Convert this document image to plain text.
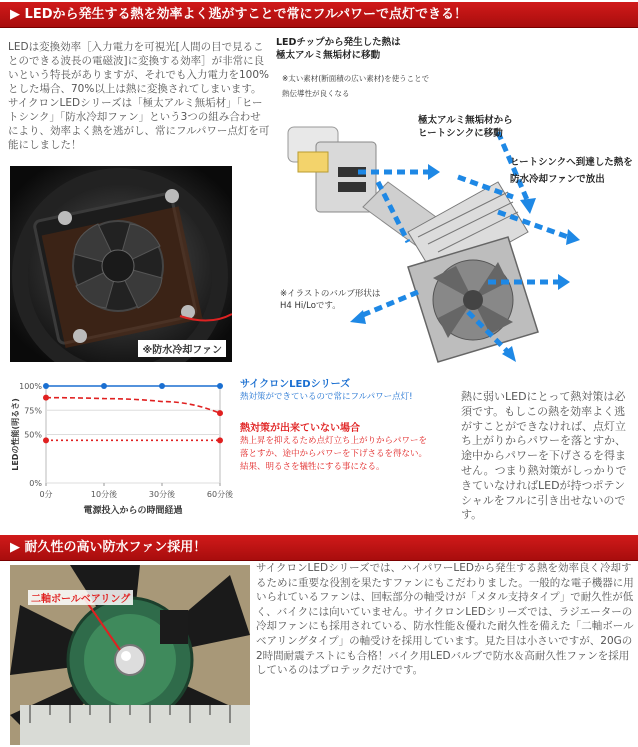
▶ LEDから発生する熱を効率よく逃がすことで常にフルパワーで点灯できる！
LEDは変換効率［入力電力を可視光[人間の目で見ることのできる波長の電磁波]に変換する効率］が非常に良いという特長がありますが、それでも入力電力を100%とした場合、70%以上は熱に変換されてしまいます。サイクロンLEDシリーズは「極太アルミ無垢材」「ヒートシンク」「防水冷却ファン」という3つの組み合わせにより、効率よく熱を逃がし、常にフルパワー点灯を可能にしました！
※防水冷却ファン
LEDチップから発生した熱は
極太アルミ無垢材に移動
※太い素材(断面積の広い素材)を使うことで
熱伝導性が良くなる
極太アルミ無垢材から
ヒートシンクに移動
ヒートシンクへ到達した熱を
防水冷却ファンで放出
※イラストのバルブ形状は
H4 Hi/Loです。
100%
75%
50%
0%
0分	10分後	30分後	60分後
電源投入からの時間経過
LEDの性能(明るさ)
サイクロンLEDシリーズ
熱対策ができているので常にフルパワー点灯!
熱対策が出来ていない場合
熱上昇を抑えるため点灯立ち上がりからパワーを
落とすか、途中からパワーを下げさるを得ない。
結果、明るさを犠牲にする事になる。
熱に弱いLEDにとって熱対策は必須です。もしこの熱を効率よく逃がすことができなければ、点灯立ち上がりからパワーを落とすか、途中からパワーを下げさるを得ません。つまり熱対策がしっかりできていなければLEDが持つポテンシャルをフルに引き出せないのです。
▶ 耐久性の高い防水ファン採用！
二軸ボールベアリング
サイクロンLEDシリーズでは、ハイパワーLEDから発生する熱を効率良く冷却するために重要な役割を果たすファンにもこだわりました。一般的な電子機器に用いられているファンは、回転部分の軸受けが「メタル支持タイプ」で耐久性が低く、バイクには向いていません。サイクロンLEDシリーズでは、ラジエーターの冷却ファンにも採用されている、防水性能＆優れた耐久性を備えた「二軸ボールベアリングタイプ」の軸受けを採用しています。見た目は小さいですが、20Gの2時間耐震テストにも合格！バイク用LEDバルブで防水＆高耐久性ファンを採用しているのはプロテックだけです。
